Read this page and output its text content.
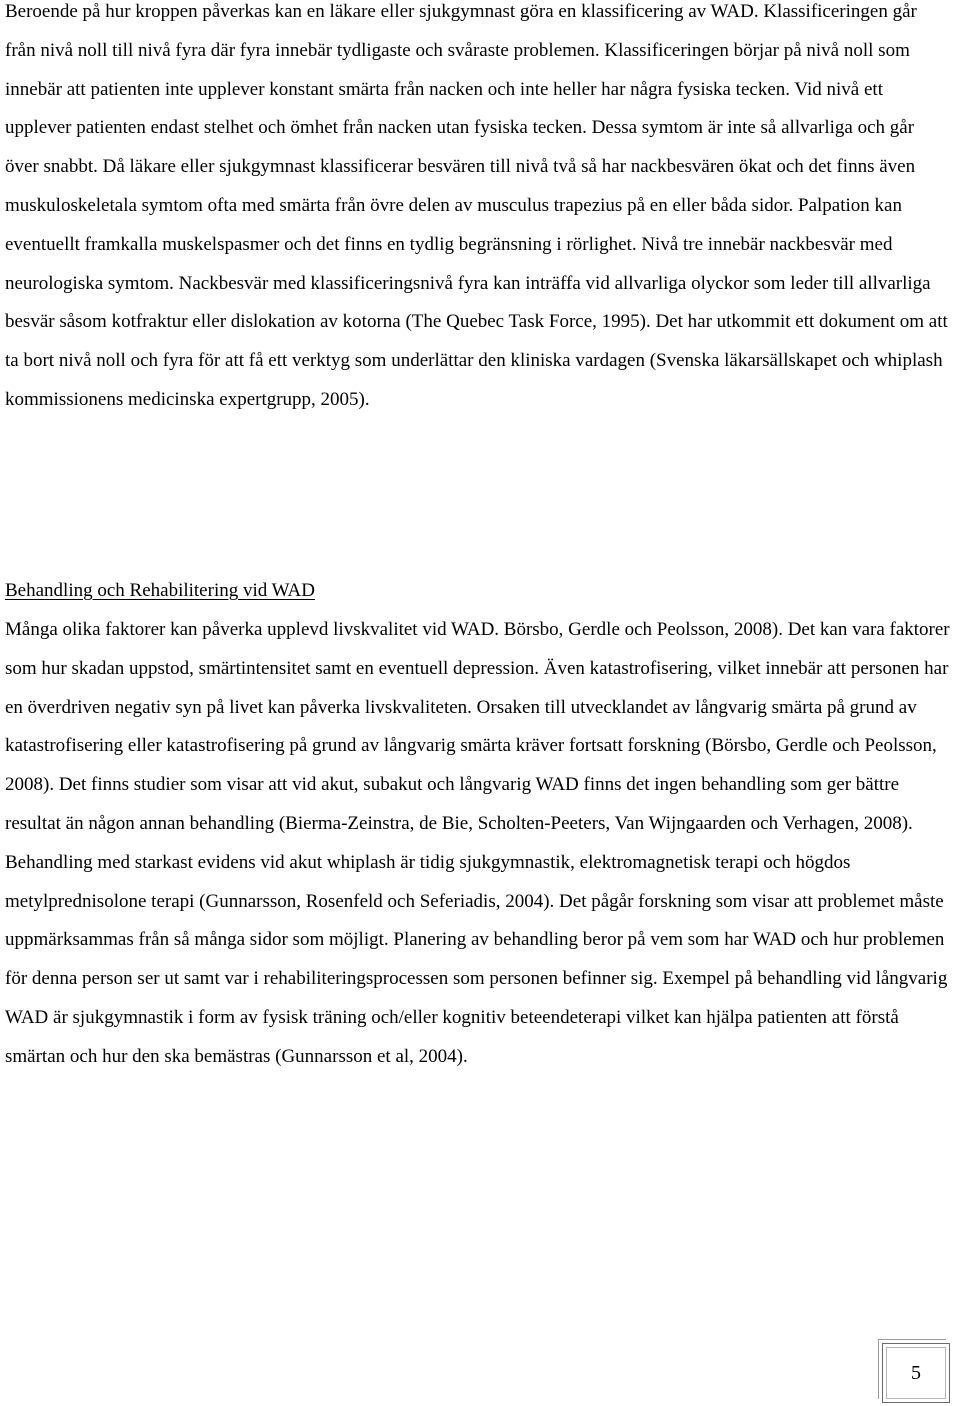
Beroende på hur kroppen påverkas kan en läkare eller sjukgymnast göra en klassificering av WAD. Klassificeringen går från nivå noll till nivå fyra där fyra innebär tydligaste och svåraste problemen. Klassificeringen börjar på nivå noll som innebär att patienten inte upplever konstant smärta från nacken och inte heller har några fysiska tecken. Vid nivå ett upplever patienten endast stelhet och ömhet från nacken utan fysiska tecken. Dessa symtom är inte så allvarliga och går över snabbt. Då läkare eller sjukgymnast klassificerar besvären till nivå två så har nackbesvären ökat och det finns även muskuloskeletala symtom ofta med smärta från övre delen av musculus trapezius på en eller båda sidor. Palpation kan eventuellt framkalla muskelspasmer och det finns en tydlig begränsning i rörlighet. Nivå tre innebär nackbesvär med neurologiska symtom. Nackbesvär med klassificeringsnivå fyra kan inträffa vid allvarliga olyckor som leder till allvarliga besvär såsom kotfraktur eller dislokation av kotorna (The Quebec Task Force, 1995). Det har utkommit ett dokument om att ta bort nivå noll och fyra för att få ett verktyg som underlättar den kliniska vardagen (Svenska läkarsällskapet och whiplash kommissionens medicinska expertgrupp, 2005).

Behandling och Rehabilitering vid WAD

Många olika faktorer kan påverka upplevd livskvalitet vid WAD. Börsbo, Gerdle och Peolsson, 2008). Det kan vara faktorer som hur skadan uppstod, smärtintensitet samt en eventuell depression. Även katastrofisering, vilket innebär att personen har en överdriven negativ syn på livet kan påverka livskvaliteten. Orsaken till utvecklandet av långvarig smärta på grund av katastrofisering eller katastrofisering på grund av långvarig smärta kräver fortsatt forskning (Börsbo, Gerdle och Peolsson, 2008). Det finns studier som visar att vid akut, subakut och långvarig WAD finns det ingen behandling som ger bättre resultat än någon annan behandling (Bierma-Zeinstra, de Bie, Scholten-Peeters, Van Wijngaarden och Verhagen, 2008). Behandling med starkast evidens vid akut whiplash är tidig sjukgymnastik, elektromagnetisk terapi och högdos metylprednisolone terapi (Gunnarsson, Rosenfeld och Seferiadis, 2004). Det pågår forskning som visar att problemet måste uppmärksammas från så många sidor som möjligt. Planering av behandling beror på vem som har WAD och hur problemen för denna person ser ut samt var i rehabiliteringsprocessen som personen befinner sig. Exempel på behandling vid långvarig WAD är sjukgymnastik i form av fysisk träning och/eller kognitiv beteendeterapi vilket kan hjälpa patienten att förstå smärtan och hur den ska bemästras (Gunnarsson et al, 2004).

5
